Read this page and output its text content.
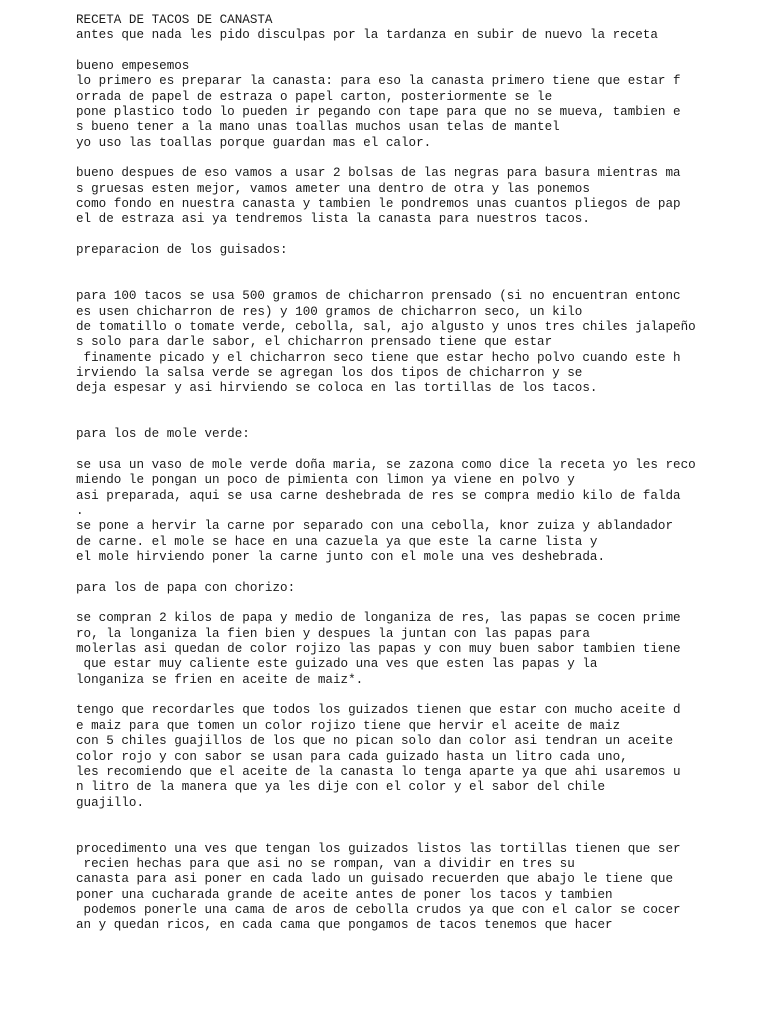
RECETA DE TACOS DE CANASTA
antes que nada les pido disculpas por la tardanza en subir de nuevo la receta
bueno empesemos
lo primero es preparar la canasta: para eso la canasta primero tiene que estar f
orrada de papel de estraza o papel carton, posteriormente se le
pone plastico todo lo pueden ir pegando con tape para que no se mueva, tambien e
s bueno tener a la mano unas toallas muchos usan telas de mantel
yo uso las toallas porque guardan mas el calor.
bueno despues de eso vamos a usar 2 bolsas de las negras para basura mientras ma
s gruesas esten mejor, vamos ameter una dentro de otra y las ponemos
como fondo en nuestra canasta y tambien le pondremos unas cuantos pliegos de pap
el de estraza asi ya tendremos lista la canasta para nuestros tacos.
preparacion de los guisados:
para 100 tacos se usa 500 gramos de chicharron prensado (si no encuentran entonc
es usen chicharron de res) y 100 gramos de chicharron seco, un kilo
de tomatillo o tomate verde, cebolla, sal, ajo algusto y unos tres chiles jalapeño
s solo para darle sabor, el chicharron prensado tiene que estar
finamente picado y el chicharron seco tiene que estar hecho polvo cuando este h
irviendo la salsa verde se agregan los dos tipos de chicharron y se
deja espesar y asi hirviendo se coloca en las tortillas de los tacos.
para los de mole verde:
se usa un vaso de mole verde doña maria, se zazona como dice la receta yo les reco
miendo le pongan un poco de pimienta con limon ya viene en polvo y
asi preparada, aqui se usa carne deshebrada de res se compra medio kilo de falda
.
se pone a hervir la carne por separado con una cebolla, knor zuiza y ablandador
de carne. el mole se hace en una cazuela ya que este la carne lista y
el mole hirviendo poner la carne junto con el mole una ves deshebrada.
para los de papa con chorizo:
se compran 2 kilos de papa y medio de longaniza de res, las papas se cocen prime
ro, la longaniza la fien bien y despues la juntan con las papas para
molerlas asi quedan de color rojizo las papas y con muy buen sabor tambien tiene
que estar muy caliente este guizado una ves que esten las papas y la
longaniza se frien en aceite de maiz*.
tengo que recordarles que todos los guizados tienen que estar con mucho aceite d
e maiz para que tomen un color rojizo tiene que hervir el aceite de maiz
con 5 chiles guajillos de los que no pican solo dan color asi tendran un aceite
color rojo y con sabor se usan para cada guizado hasta un litro cada uno,
les recomiendo que el aceite de la canasta lo tenga aparte ya que ahi usaremos u
n litro de la manera que ya les dije con el color y el sabor del chile
guajillo.
procedimento una ves que tengan los guizados listos las tortillas tienen que ser
recien hechas para que asi no se rompan, van a dividir en tres su
canasta para asi poner en cada lado un guisado recuerden que abajo le tiene que
poner una cucharada grande de aceite antes de poner los tacos y tambien
podemos ponerle una cama de aros de cebolla crudos ya que con el calor se cocer
an y quedan ricos, en cada cama que pongamos de tacos tenemos que hacer
